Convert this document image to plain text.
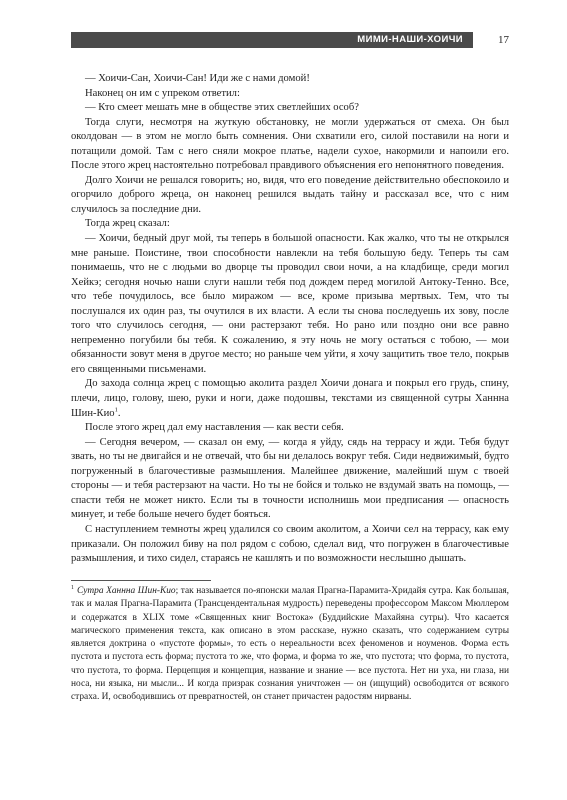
МИМИ-НАШИ-ХОИЧИ	17

— Хоичи-Сан, Хоичи-Сан! Иди же с нами домой!

Наконец он им с упреком ответил:

— Кто смеет мешать мне в обществе этих светлейших особ?

Тогда слуги, несмотря на жуткую обстановку, не могли удержаться от смеха. Он был околдован — в этом не могло быть сомнения. Они схватили его, силой поставили на ноги и потащили домой. Там с него сняли мокрое платье, надели сухое, накормили и напоили его. После этого жрец настоятельно потребовал правдивого объяснения его непонятного поведения.

Долго Хоичи не решался говорить; но, видя, что его поведение действительно обеспокоило и огорчило доброго жреца, он наконец решился выдать тайну и рассказал все, что с ним случилось за последние дни.

Тогда жрец сказал:

— Хоичи, бедный друг мой, ты теперь в большой опасности. Как жалко, что ты не открылся мне раньше. Поистине, твои способности навлекли на тебя большую беду. Теперь ты сам понимаешь, что не с людьми во дворце ты проводил свои ночи, а на кладбище, среди могил Хейкэ; сегодня ночью наши слуги нашли тебя под дождем перед могилой Антоку-Тенно. Все, что тебе почудилось, все было миражом — все, кроме призыва мертвых. Тем, что ты послушался их один раз, ты очутился в их власти. А если ты снова последуешь их зову, после того что случилось сегодня, — они растерзают тебя. Но рано или поздно они все равно непременно погубили бы тебя. К сожалению, я эту ночь не могу остаться с тобою, — мои обязанности зовут меня в другое место; но раньше чем уйти, я хочу защитить твое тело, покрыв его священными письменами.

До захода солнца жрец с помощью аколита раздел Хоичи донага и покрыл его грудь, спину, плечи, лицо, голову, шею, руки и ноги, даже подошвы, текстами из священной сутры Ханнна Шин-Кио$^1$.

После этого жрец дал ему наставления — как вести себя.

— Сегодня вечером, — сказал он ему, — когда я уйду, сядь на террасу и жди. Тебя будут звать, но ты не двигайся и не отвечай, что бы ни делалось вокруг тебя. Сиди недвижимый, будто погруженный в благочестивые размышления. Малейшее движение, малейший шум с твоей стороны — и тебя растерзают на части. Но ты не бойся и только не вздумай звать на помощь, — спасти тебя не может никто. Если ты в точности исполнишь мои предписания — опасность минует, и тебе больше нечего будет бояться.

С наступлением темноты жрец удалился со своим аколитом, а Хоичи сел на террасу, как ему приказали. Он положил биву на пол рядом с собою, сделал вид, что погружен в благочестивые размышления, и тихо сидел, стараясь не кашлять и по возможности неслышно дышать.

$^1$ Сутра Ханнна Шин-Кио; так называется по-японски малая Прагна-Парамита-Хридайя сутра. Как большая, так и малая Прагна-Парамита (Трансцендентальная мудрость) переведены профессором Максом Мюллером и содержатся в XLIX томе «Священных книг Востока» (Буддийские Махайяна сутры). Что касается магического применения текста, как описано в этом рассказе, нужно сказать, что содержанием сутры является доктрина о «пустоте формы», то есть о нереальности всех феноменов и ноуменов. Форма есть пустота и пустота есть форма; пустота то же, что форма, и форма то же, что пустота; что форма, то пустота, что пустота, то форма. Перцепция и концепция, название и знание — все пустота. Нет ни уха, ни глаза, ни носа, ни языка, ни мысли... И когда призрак сознания уничтожен — он (ищущий) освободится от всякого страха. И, освободившись от превратностей, он станет причастен радостям нирваны.
